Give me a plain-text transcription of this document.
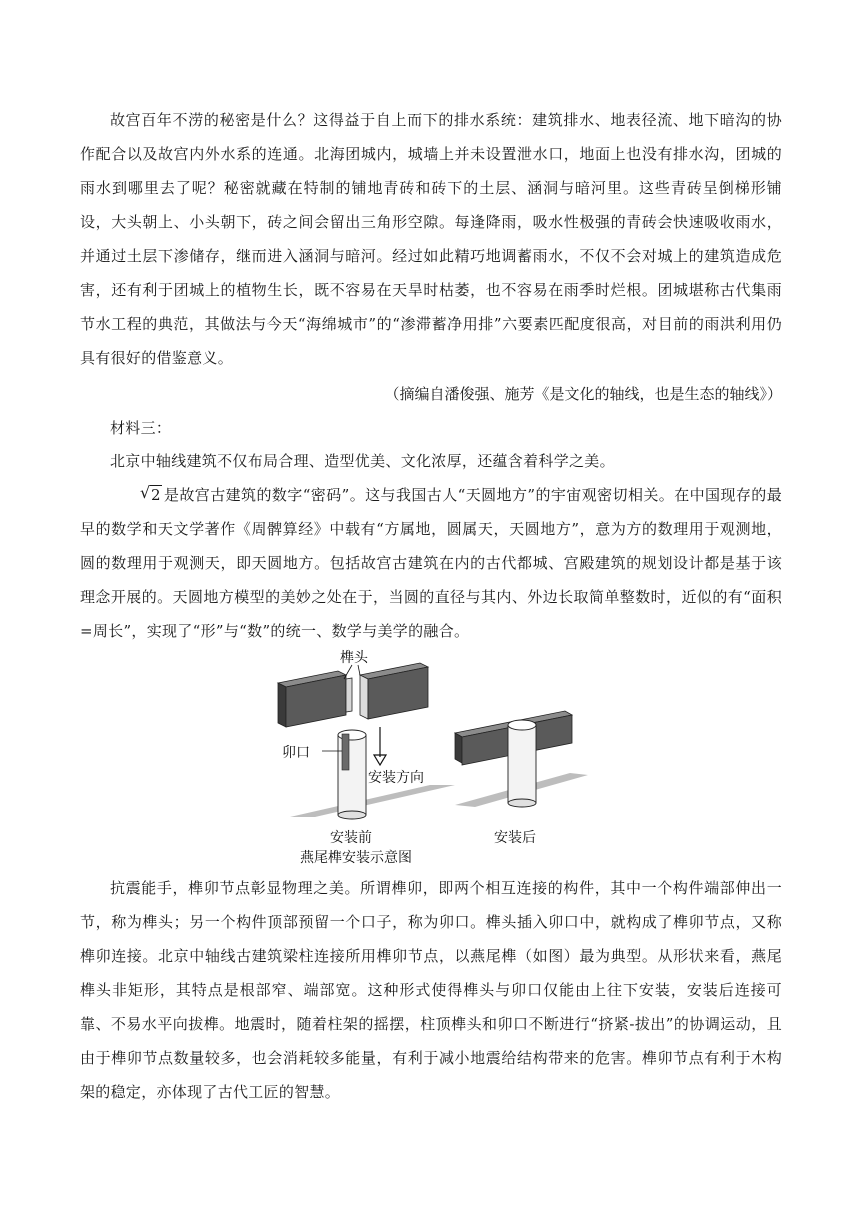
故宫百年不涝的秘密是什么？这得益于自上而下的排水系统：建筑排水、地表径流、地下暗沟的协作配合以及故宫内外水系的连通。北海团城内，城墙上并未设置泄水口，地面上也没有排水沟，团城的雨水到哪里去了呢？秘密就藏在特制的铺地青砖和砖下的土层、涵洞与暗河里。这些青砖呈倒梯形铺设，大头朝上、小头朝下，砖之间会留出三角形空隙。每逢降雨，吸水性极强的青砖会快速吸收雨水，并通过土层下渗储存，继而进入涵洞与暗河。经过如此精巧地调蓄雨水，不仅不会对城上的建筑造成危害，还有利于团城上的植物生长，既不容易在天旱时枯萎，也不容易在雨季时烂根。团城堪称古代集雨节水工程的典范，其做法与今天“海绵城市”的“渗滞蓄净用排”六要素匹配度很高，对目前的雨洪利用仍具有很好的借鉴意义。

（摘编自潘俊强、施芳《是文化的轴线，也是生态的轴线》）

材料三：

北京中轴线建筑不仅布局合理、造型优美、文化浓厚，还蕴含着科学之美。

√ 2 是故宫古建筑的数字“密码”。这与我国古人“天圆地方”的宇宙观密切相关。在中国现存的最早的数学和天文学著作《周髀算经》中载有“方属地，圆属天，天圆地方”，意为方的数理用于观测地，圆的数理用于观测天，即天圆地方。包括故宫古建筑在内的古代都城、宫殿建筑的规划设计都是基于该理念开展的。天圆地方模型的美妙之处在于，当圆的直径与其内、外边长取简单整数时，近似的有“面积=周长”，实现了“形”与“数”的统一、数学与美学的融合。

榫头
卯口
安装方向
安装前	安装后
燕尾榫安装示意图

抗震能手，榫卯节点彰显物理之美。所谓榫卯，即两个相互连接的构件，其中一个构件端部伸出一节，称为榫头；另一个构件顶部预留一个口子，称为卯口。榫头插入卯口中，就构成了榫卯节点，又称榫卯连接。北京中轴线古建筑梁柱连接所用榫卯节点，以燕尾榫（如图）最为典型。从形状来看，燕尾榫头非矩形，其特点是根部窄、端部宽。这种形式使得榫头与卯口仅能由上往下安装，安装后连接可靠、不易水平向拔榫。地震时，随着柱架的摇摆，柱顶榫头和卯口不断进行“挤紧-拔出”的协调运动，且由于榫卯节点数量较多，也会消耗较多能量，有利于减小地震给结构带来的危害。榫卯节点有利于木构架的稳定，亦体现了古代工匠的智慧。
